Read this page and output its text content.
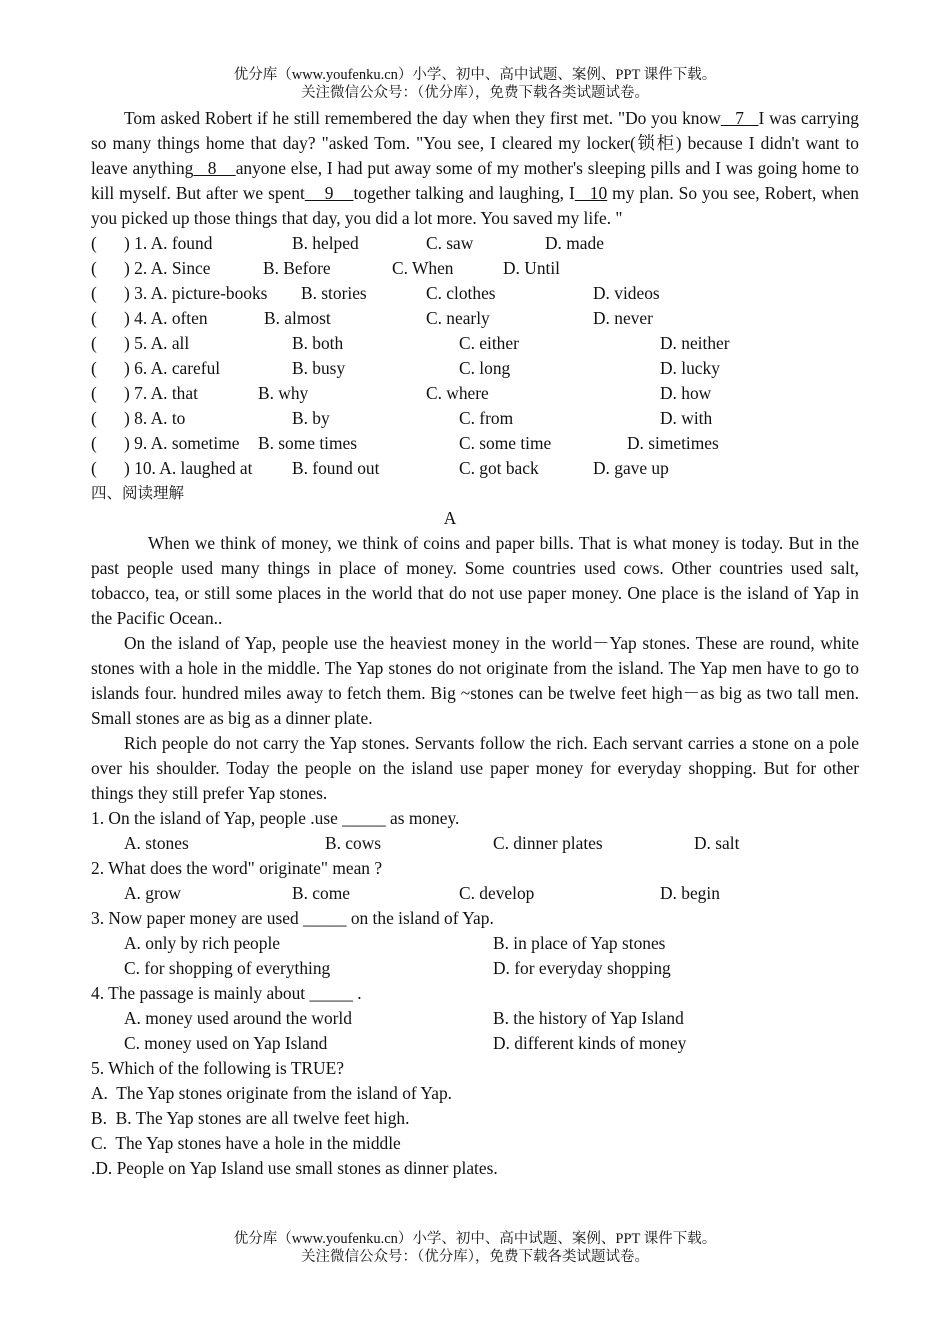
优分库（www.youfenku.cn）小学、初中、高中试题、案例、PPT 课件下载。
关注微信公众号：（优分库），免费下载各类试题试卷。

Tom asked Robert if he still remembered the day when they first met. "Do you know   7   I was carrying so many things home that day? "asked Tom. "You see, I cleared my locker(锁柜) because I didn't want to leave anything   8    anyone else, I had put away some of my mother's sleeping pills and I was going home to kill myself. But after we spent    9    together talking and laughing, I   10 my plan. So you see, Robert, when you picked up those things that day, you did a lot more. You saved my life. "

( ) 1. A. found	B. helped	C. saw	D. made
( ) 2. A. Since	B. Before	C. When	D. Until
( ) 3. A. picture-books B. stories	C. clothes	D. videos
( ) 4. A. often	B. almost	C. nearly	D. never
( ) 5. A. all	B. both	C. either	D. neither
( ) 6. A. careful	B. busy	C. long	D. lucky
( ) 7. A. that	B. why	C. where	D. how
( ) 8. A. to	B. by	C. from	D. with
( ) 9. A. sometime B. some times	C. some time	D. simetimes
( ) 10. A. laughed at B. found out	C. got back	D. gave up
四、阅读理解
A

When we think of money, we think of coins and paper bills. That is what money is today. But in the past people used many things in place of money. Some countries used cows. Other countries used salt, tobacco, tea, or still some places in the world that do not use paper money. One place is the island of Yap in the Pacific Ocean..

On the island of Yap, people use the heaviest money in the world－Yap stones. These are round, white stones with a hole in the middle. The Yap stones do not originate from the island. The Yap men have to go to islands four. hundred miles away to fetch them. Big ~stones can be twelve feet high－as big as two tall men. Small stones are as big as a dinner plate.

Rich people do not carry the Yap stones. Servants follow the rich. Each servant carries a stone on a pole over his shoulder. Today the people on the island use paper money for everyday shopping. But for other things they still prefer Yap stones.

1. On the island of Yap, people .use _____ as money.
A. stones	B. cows	C. dinner plates	D. salt
2. What does the word" originate" mean ?
A. grow	B. come	C. develop	D. begin
3. Now paper money are used _____ on the island of Yap.
A. only by rich people	B. in place of Yap stones
C. for shopping of everything	D. for everyday shopping
4. The passage is mainly about _____ .
A. money used around the world	B. the history of Yap Island
C. money used on Yap Island	D. different kinds of money
5. Which of the following is TRUE?
A.  The Yap stones originate from the island of Yap.
B.  B. The Yap stones are all twelve feet high.
C.  The Yap stones have a hole in the middle
.D. People on Yap Island use small stones as dinner plates.
优分库（www.youfenku.cn）小学、初中、高中试题、案例、PPT 课件下载。
关注微信公众号：（优分库），免费下载各类试题试卷。
